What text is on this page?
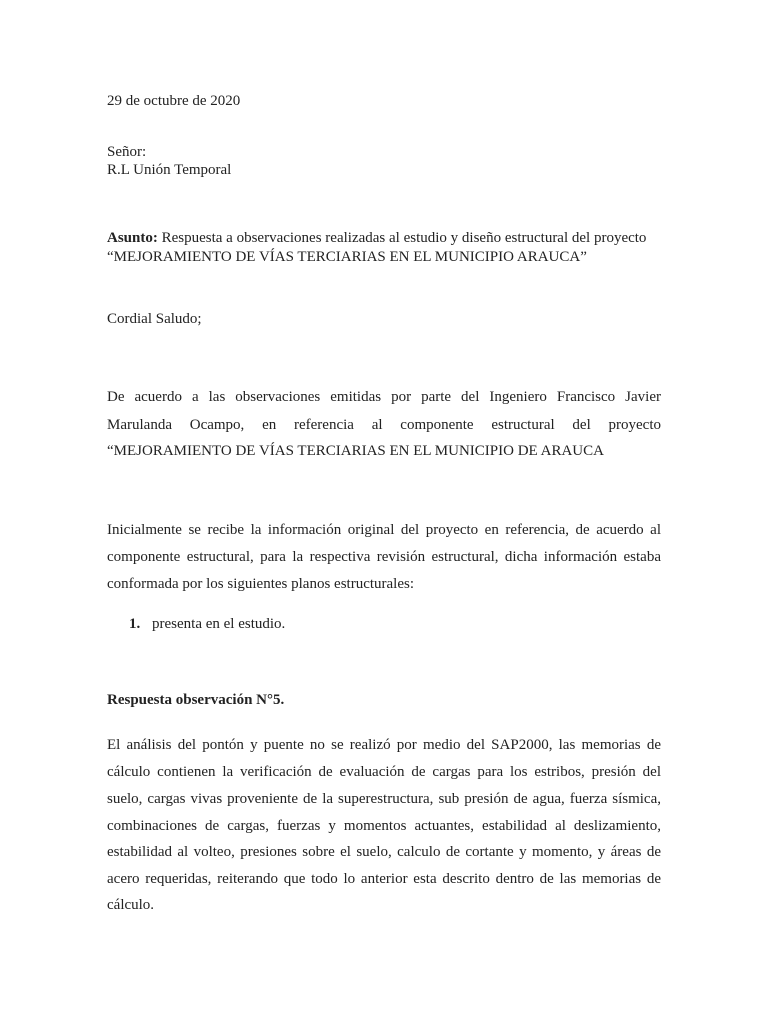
29 de octubre de 2020
Señor:
R.L Unión Temporal
Asunto: Respuesta a observaciones realizadas al estudio y diseño estructural del proyecto
“MEJORAMIENTO DE VÍAS TERCIARIAS EN EL MUNICIPIO ARAUCA”
Cordial Saludo;
De acuerdo a las observaciones emitidas por parte del Ingeniero Francisco Javier
Marulanda Ocampo, en referencia al componente estructural del proyecto
“MEJORAMIENTO DE VÍAS TERCIARIAS EN EL MUNICIPIO DE ARAUCA
Inicialmente se recibe la información original del proyecto en referencia, de acuerdo al
componente estructural, para la respectiva revisión estructural, dicha información estaba
conformada por los siguientes planos estructurales:
1. presenta en el estudio.
Respuesta observación N°5.
El análisis del pontón y puente no se realizó por medio del SAP2000, las memorias de
cálculo contienen la verificación de evaluación de cargas para los estribos, presión del
suelo, cargas vivas proveniente de la superestructura, sub presión de agua, fuerza sísmica,
combinaciones de cargas, fuerzas y momentos actuantes, estabilidad al deslizamiento,
estabilidad al volteo, presiones sobre el suelo, calculo de cortante y momento, y áreas de
acero requeridas, reiterando que todo lo anterior esta descrito dentro de las memorias de
cálculo.
